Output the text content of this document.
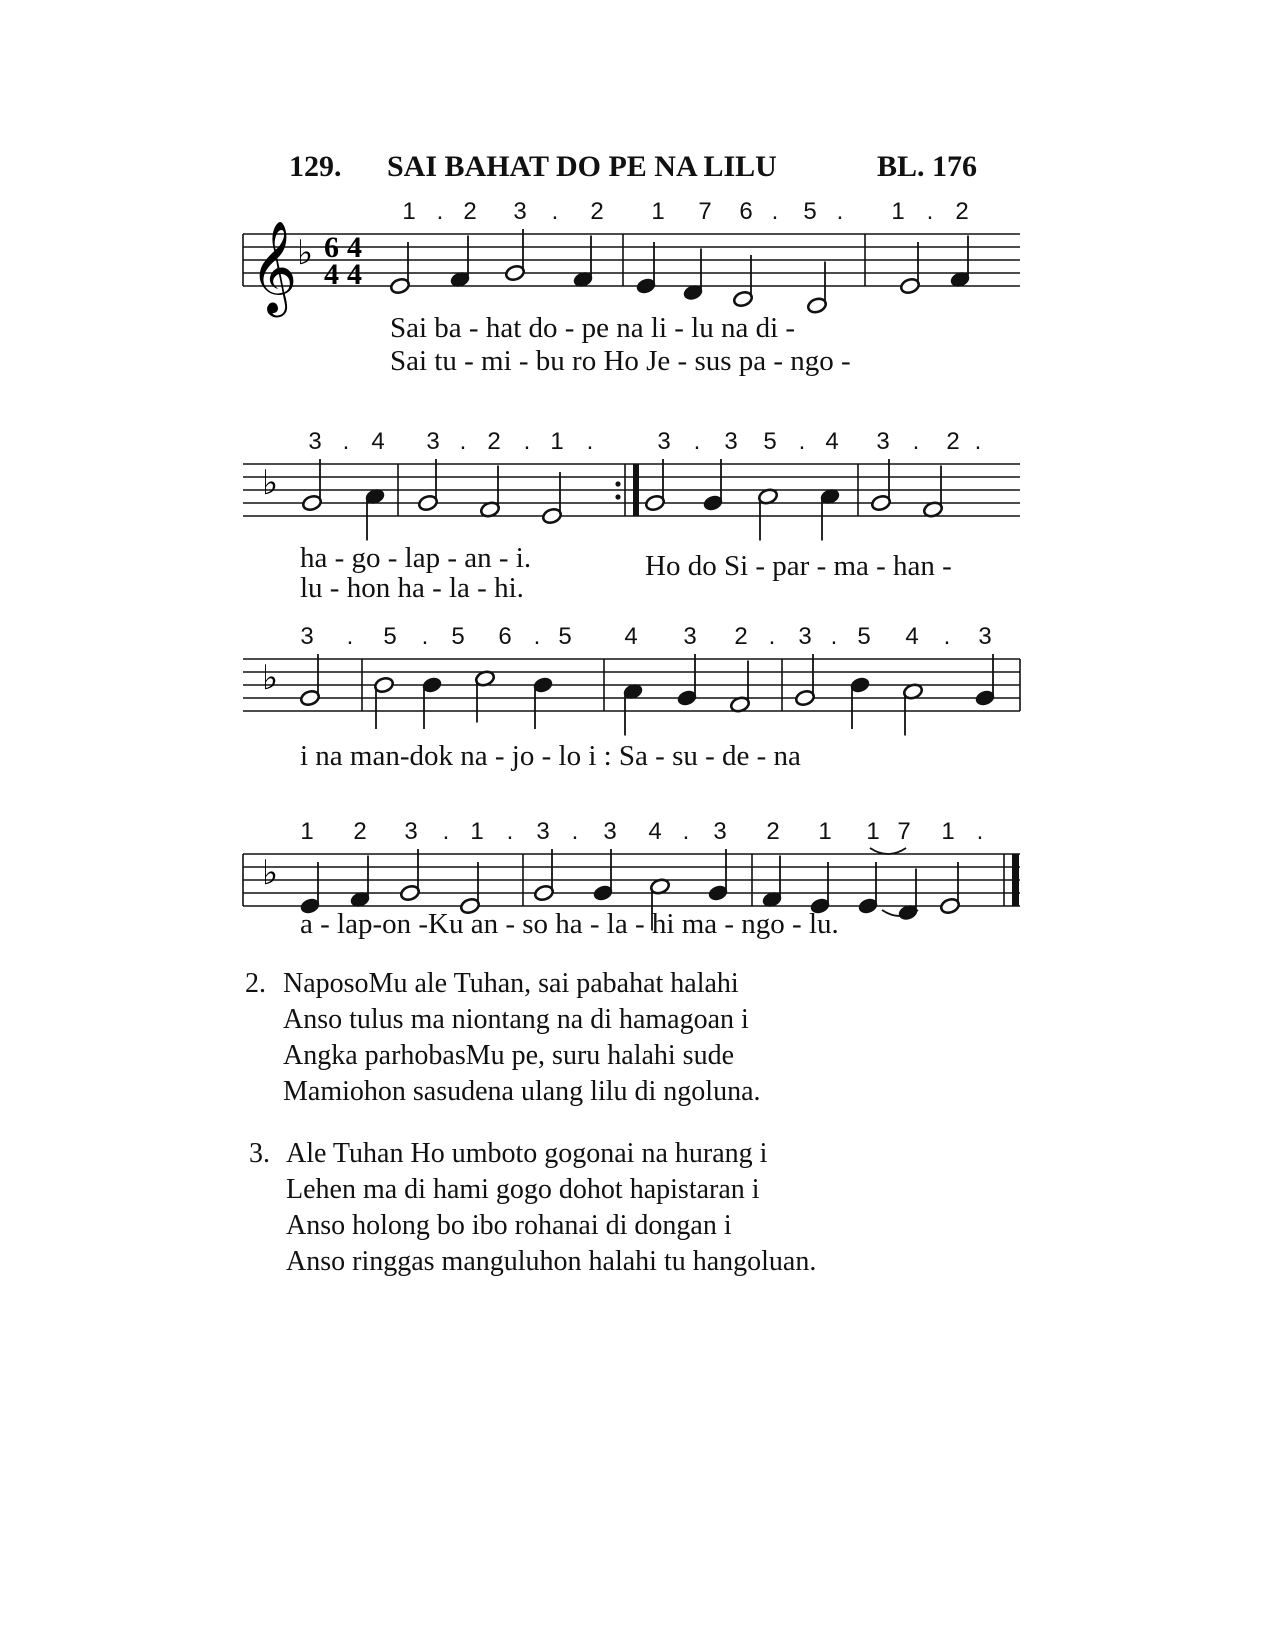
129. SAI BAHAT DO PE NA LILU	BL. 176
𝄞 ♭ 6 4
4 4
1 . 2 3 . 2 1 7 6 . 5 . 1 . 2
Sai ba - hat do - pe na li - lu na di -
Sai tu - mi - bu ro Ho Je - sus pa - ngo -
♭
3 . 4 3 . 2 . 1 .	3 . 3 5 . 4 3 . 2 .
ha - go - lap - an - i.
lu - hon ha - la - hi.
Ho do Si - par - ma - han -
♭
3 . 5 . 5 6 . 5 4 3 2 . 3 . 5 4 . 3
i na man-dok na - jo - lo i : Sa - su - de - na
♭
1 2 3 . 1 . 3 . 3 4 . 3 2 1 1 7 1 .
a - lap-on -Ku an - so ha - la - hi ma - ngo - lu.
2. NaposoMu ale Tuhan, sai pabahat halahi
Anso tulus ma niontang na di hamagoan i
Angka parhobasMu pe, suru halahi sude
Mamiohon sasudena ulang lilu di ngoluna.
3. Ale Tuhan Ho umboto gogonai na hurang i
Lehen ma di hami gogo dohot hapistaran i
Anso holong bo ibo rohanai di dongan i
Anso ringgas manguluhon halahi tu hangoluan.
